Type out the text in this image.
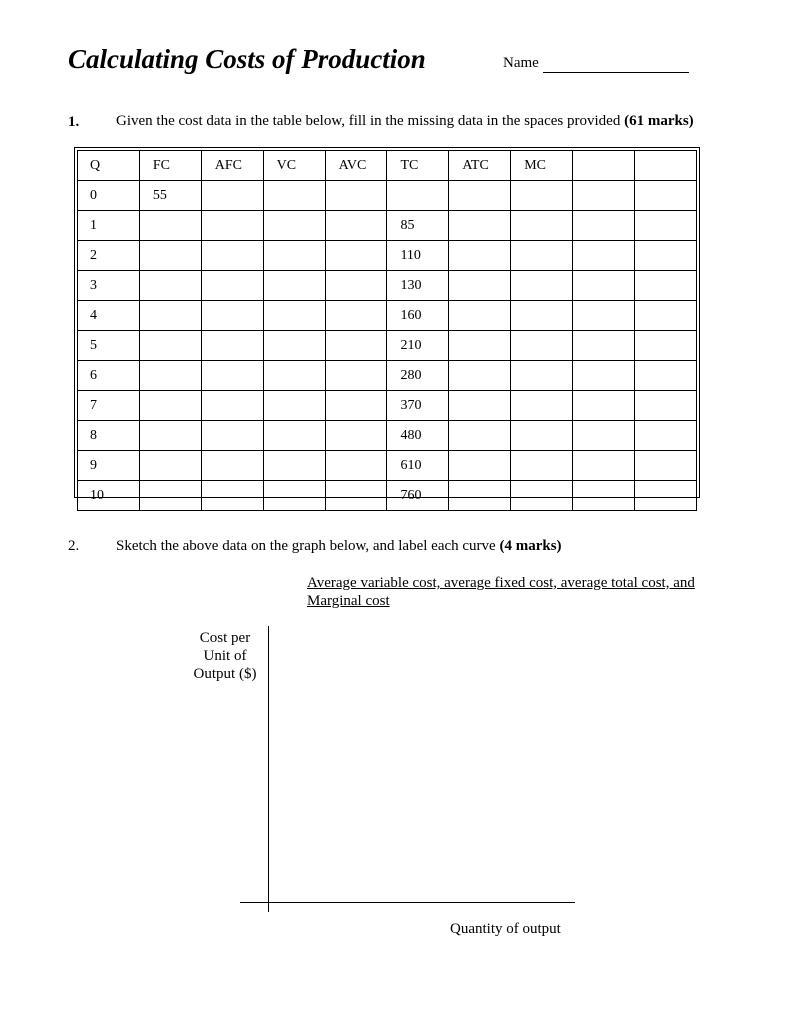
Calculating Costs of Production	Name
1. Given the cost data in the table below, fill in the missing data in the spaces provided (61 marks)
Q	FC	AFC	VC	AVC	TC	ATC	MC		
0	55								
1					85				
2					110				
3					130				
4					160				
5					210				
6					280				
7					370				
8					480				
9					610				
10					760				
2. Sketch the above data on the graph below, and label each curve (4 marks)
Average variable cost, average fixed cost, average total cost, and Marginal cost
Cost per
Unit of
Output ($)
Quantity of output
